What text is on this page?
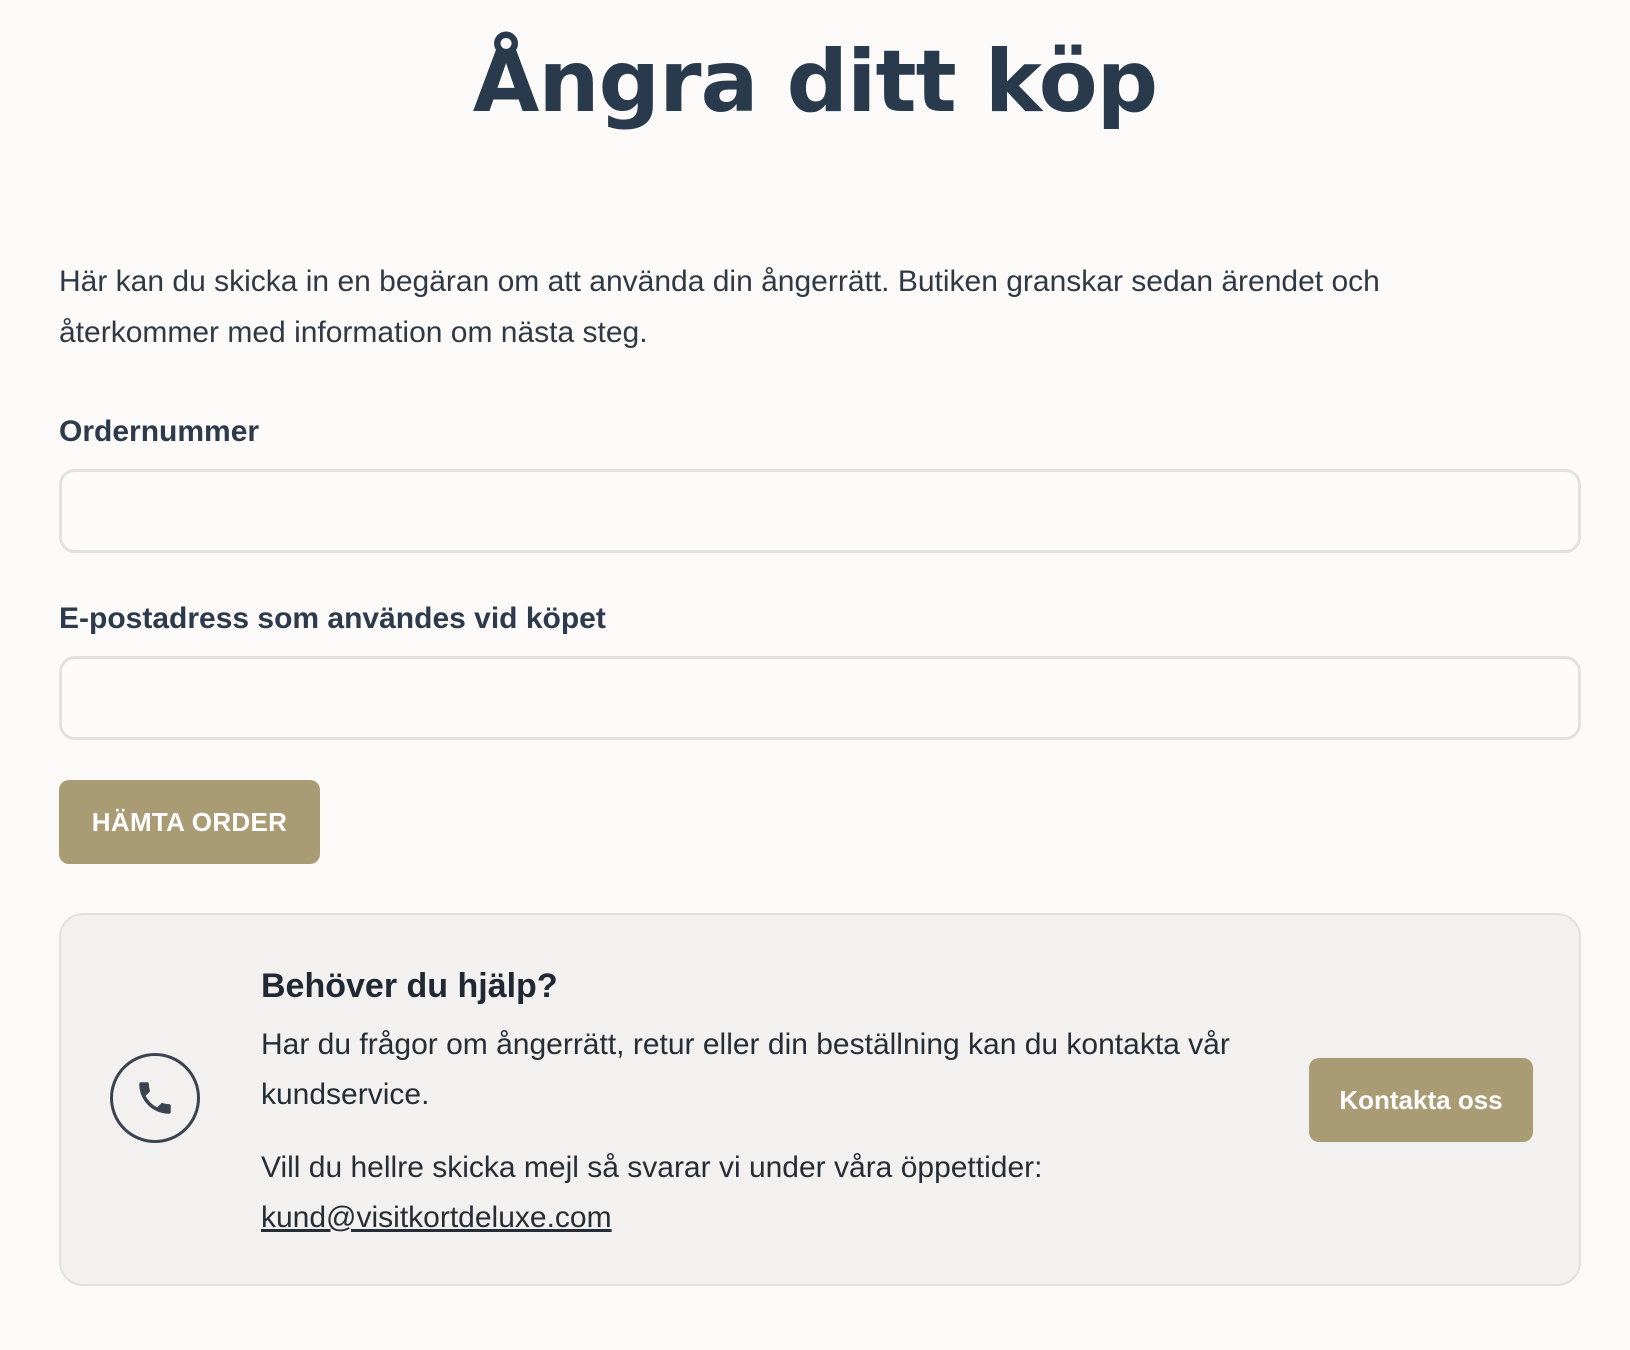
Ångra ditt köp

Här kan du skicka in en begäran om att använda din ångerrätt. Butiken granskar sedan ärendet och återkommer med information om nästa steg.

Ordernummer
E-postadress som användes vid köpet
HÄMTA ORDER
Behöver du hjälp?

Har du frågor om ångerrätt, retur eller din beställning kan du kontakta vår kundservice.

Vill du hellre skicka mejl så svarar vi under våra öppettider:
kund@visitkortdeluxe.com

Kontakta oss
